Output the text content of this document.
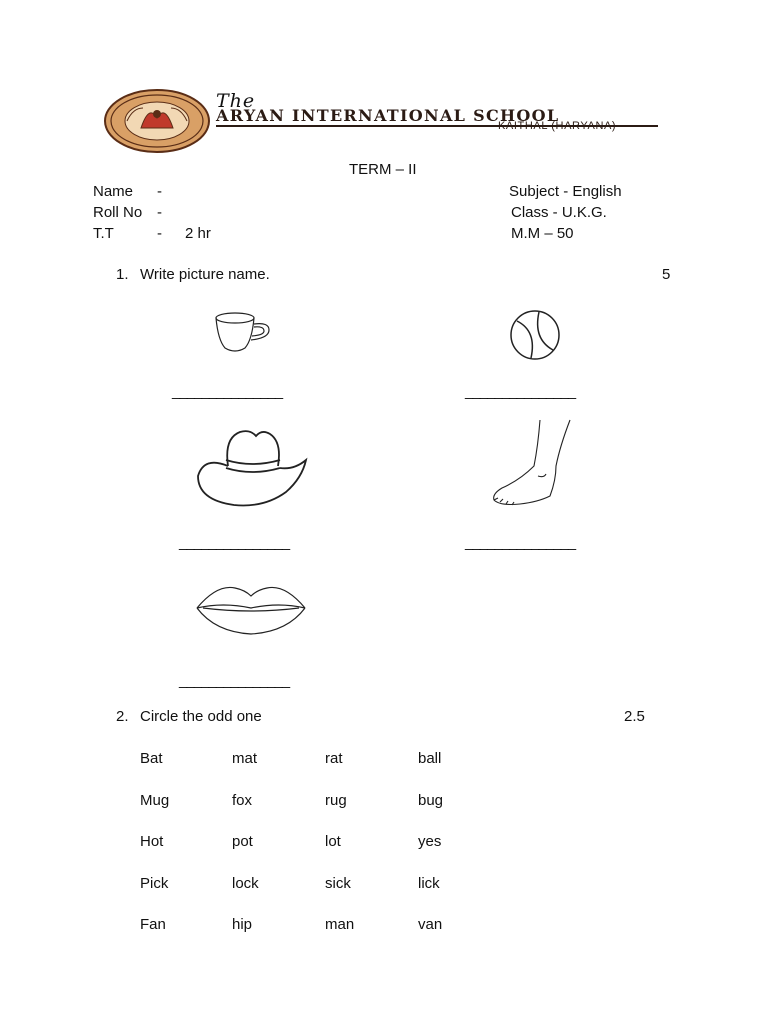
The
ARYAN INTERNATIONAL SCHOOL
KAITHAL (HARYANA)
TERM – II
Name -
Roll No -
T.T	- 2 hr
Subject - English
Class - U.K.G.
M.M – 50
1. Write picture name.	5
_______________	_______________
_______________	_______________
_______________
2. Circle the odd one	2.5
Bat	mat	rat	ball
Mug	fox	rug	bug
Hot	pot	lot	yes
Pick	lock	sick	lick
Fan	hip	man	van
